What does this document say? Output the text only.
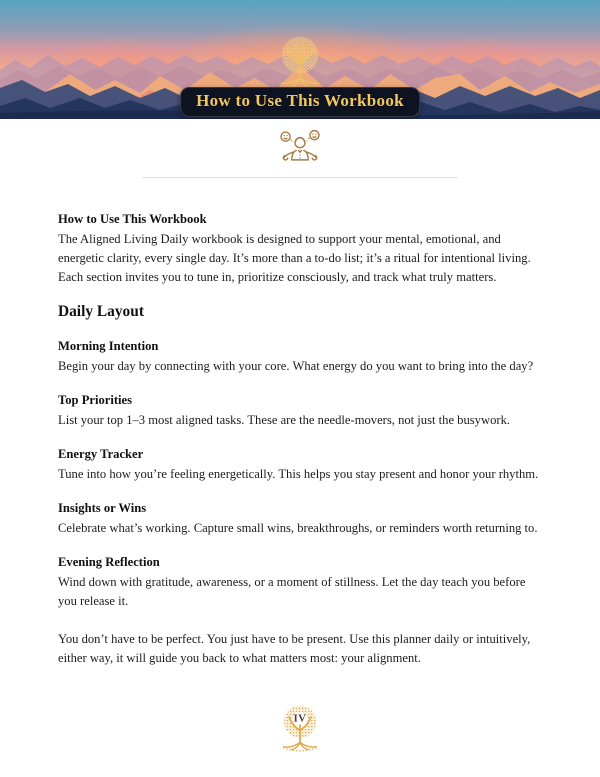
How to Use This Workbook
How to Use This Workbook

The Aligned Living Daily workbook is designed to support your mental, emotional, and energetic clarity, every single day. It’s more than a to-do list; it’s a ritual for intentional living. Each section invites you to tune in, prioritize consciously, and track what truly matters.

Daily Layout
Morning Intention

Begin your day by connecting with your core. What energy do you want to bring into the day?

Top Priorities

List your top 1–3 most aligned tasks. These are the needle-movers, not just the busywork.

Energy Tracker

Tune into how you’re feeling energetically. This helps you stay present and honor your rhythm.

Insights or Wins

Celebrate what’s working. Capture small wins, breakthroughs, or reminders worth returning to.

Evening Reflection

Wind down with gratitude, awareness, or a moment of stillness. Let the day teach you before you release it.

You don’t have to be perfect. You just have to be present. Use this planner daily or intuitively, either way, it will guide you back to what matters most: your alignment.

IV
